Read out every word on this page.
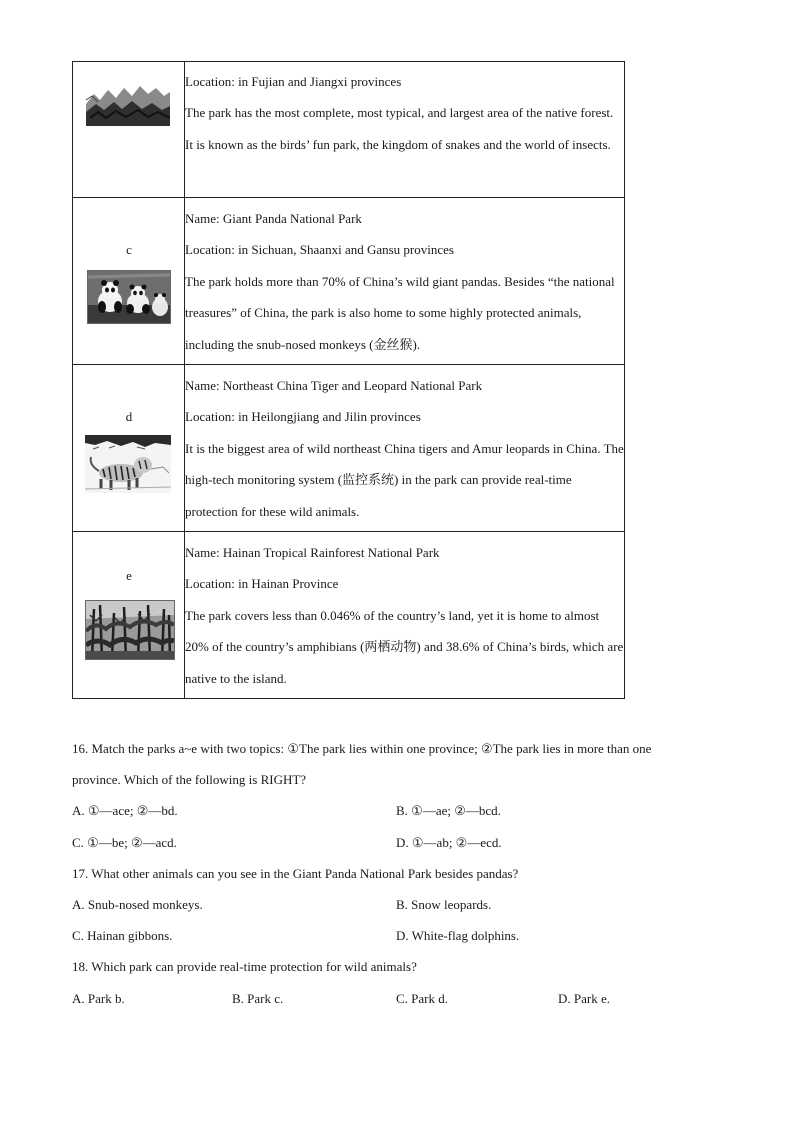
Location: in Fujian and Jiangxi provinces

The park has the most complete, most typical, and largest area of the native forest. It is known as the birds’ fun park, the kingdom of snakes and the world of insects.

c	Name: Giant Panda National Park

Location: in Sichuan, Shaanxi and Gansu provinces

The park holds more than 70% of China’s wild giant pandas. Besides “the national treasures” of China, the park is also home to some highly protected animals, including the snub-nosed monkeys (金丝猴).

d	Name: Northeast China Tiger and Leopard National Park

Location: in Heilongjiang and Jilin provinces

It is the biggest area of wild northeast China tigers and Amur leopards in China. The high-tech monitoring system (监控系统) in the park can provide real-time protection for these wild animals.

e	Name: Hainan Tropical Rainforest National Park

Location: in Hainan Province

The park covers less than 0.046% of the country’s land, yet it is home to almost 20% of the country’s amphibians (两栖动物) and 38.6% of China’s birds, which are native to the island.

16. Match the parks a~e with two topics: ①The park lies within one province; ②The park lies in more than one
province. Which of the following is RIGHT?
A. ①—ace; ②—bd.	B. ①—ae; ②—bcd.
C. ①—be; ②—acd.	D. ①—ab; ②—ecd.
17. What other animals can you see in the Giant Panda National Park besides pandas?
A. Snub-nosed monkeys.	B. Snow leopards.
C. Hainan gibbons.	D. White-flag dolphins.
18. Which park can provide real-time protection for wild animals?
A. Park b.	B. Park c.	C. Park d.	D. Park e.
